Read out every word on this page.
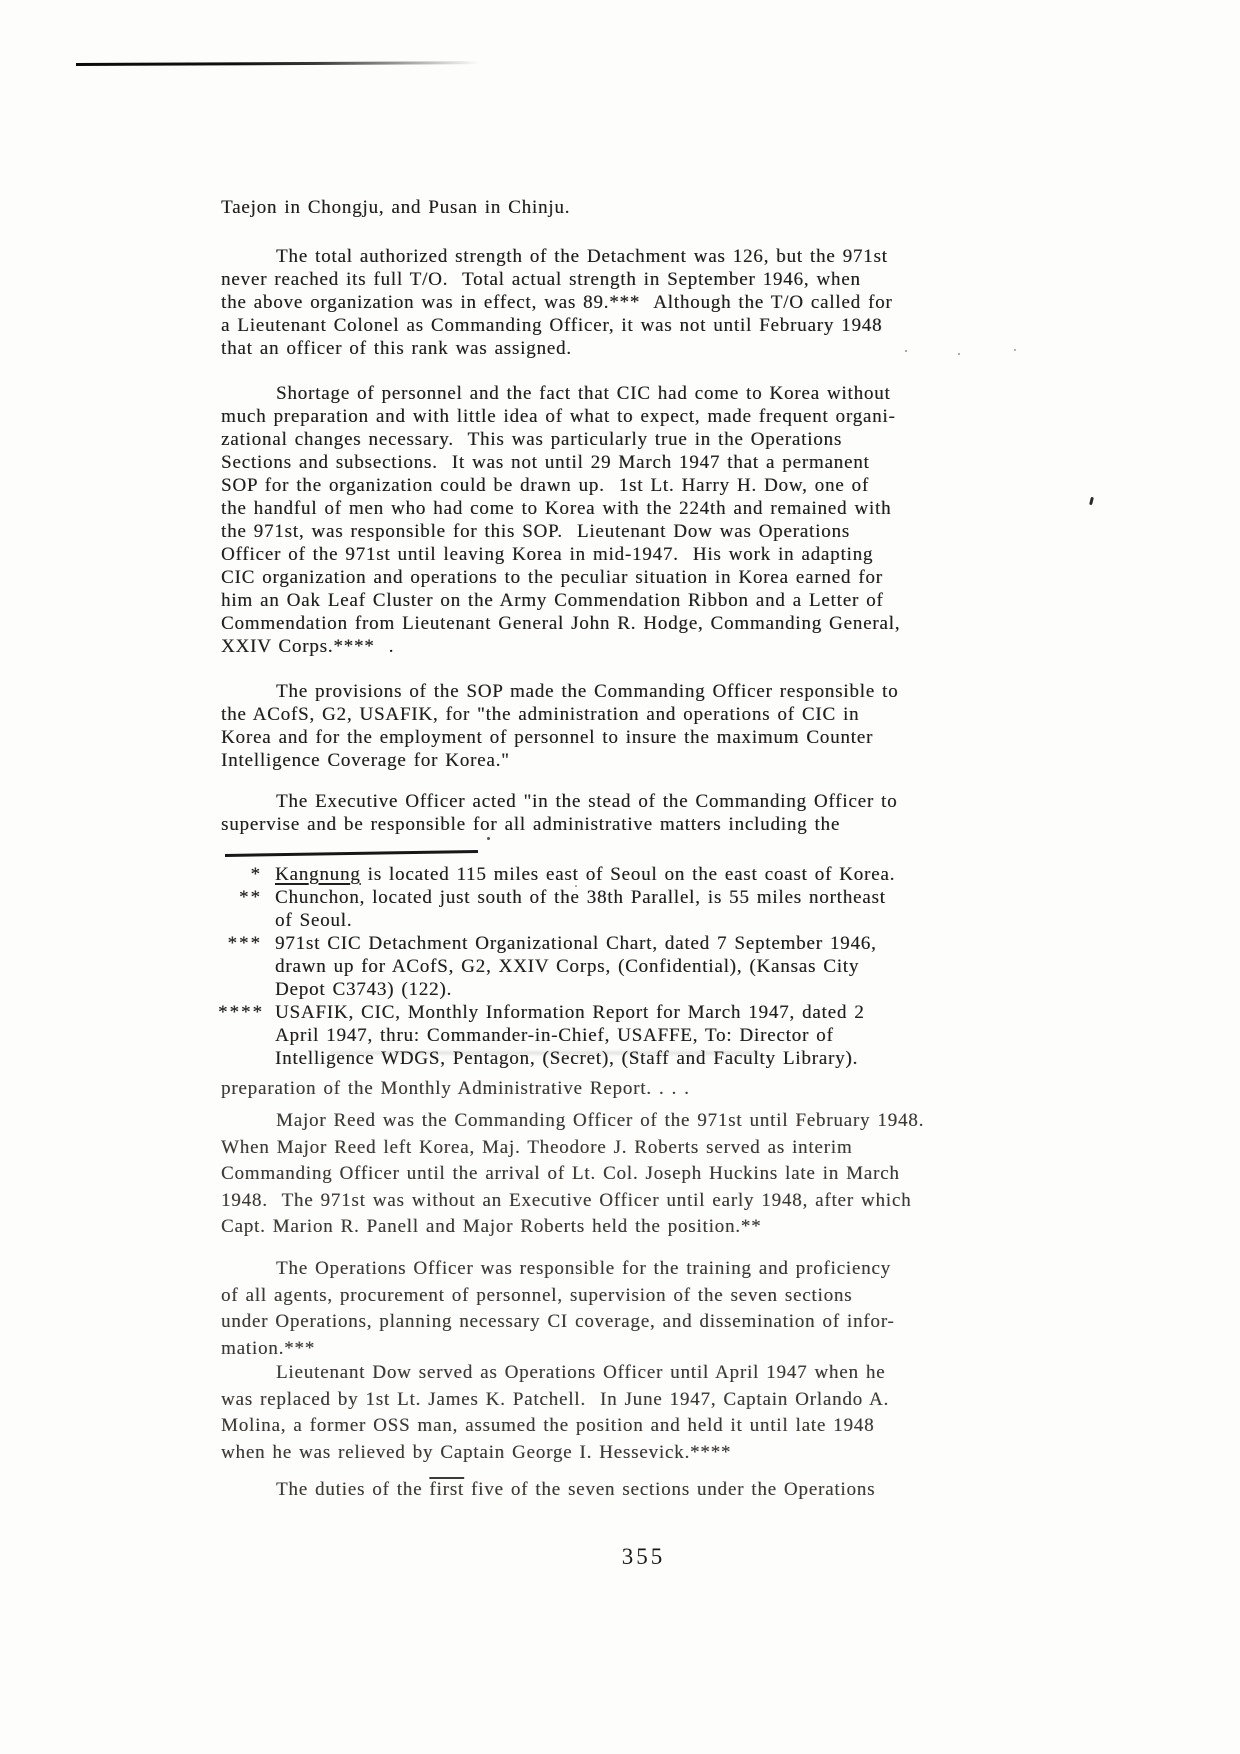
Taejon in Chongju, and Pusan in Chinju.
The total authorized strength of the Detachment was 126, but the 971st
never reached its full T/O.  Total actual strength in September 1946, when
the above organization was in effect, was 89.***  Although the T/O called for
a Lieutenant Colonel as Commanding Officer, it was not until February 1948
that an officer of this rank was assigned.
Shortage of personnel and the fact that CIC had come to Korea without
much preparation and with little idea of what to expect, made frequent organi-
zational changes necessary.  This was particularly true in the Operations
Sections and subsections.  It was not until 29 March 1947 that a permanent
SOP for the organization could be drawn up.  1st Lt. Harry H. Dow, one of
the handful of men who had come to Korea with the 224th and remained with
the 971st, was responsible for this SOP.  Lieutenant Dow was Operations
Officer of the 971st until leaving Korea in mid-1947.  His work in adapting
CIC organization and operations to the peculiar situation in Korea earned for
him an Oak Leaf Cluster on the Army Commendation Ribbon and a Letter of
Commendation from Lieutenant General John R. Hodge, Commanding General,
XXIV Corps.****  .
The provisions of the SOP made the Commanding Officer responsible to
the ACofS, G2, USAFIK, for "the administration and operations of CIC in
Korea and for the employment of personnel to insure the maximum Counter
Intelligence Coverage for Korea."
The Executive Officer acted "in the stead of the Commanding Officer to
supervise and be responsible for all administrative matters including the
* Kangnung is located 115 miles east of Seoul on the east coast of Korea.
** Chunchon, located just south of the 38th Parallel, is 55 miles northeast
of Seoul.
*** 971st CIC Detachment Organizational Chart, dated 7 September 1946,
drawn up for ACofS, G2, XXIV Corps, (Confidential), (Kansas City
Depot C3743) (122).
**** USAFIK, CIC, Monthly Information Report for March 1947, dated 2
April 1947, thru: Commander-in-Chief, USAFFE, To: Director of
Intelligence WDGS, Pentagon, (Secret), (Staff and Faculty Library).
preparation of the Monthly Administrative Report. . . .
Major Reed was the Commanding Officer of the 971st until February 1948.
When Major Reed left Korea, Maj. Theodore J. Roberts served as interim
Commanding Officer until the arrival of Lt. Col. Joseph Huckins late in March
1948.  The 971st was without an Executive Officer until early 1948, after which
Capt. Marion R. Panell and Major Roberts held the position.**
The Operations Officer was responsible for the training and proficiency
of all agents, procurement of personnel, supervision of the seven sections
under Operations, planning necessary CI coverage, and dissemination of infor-
mation.***
Lieutenant Dow served as Operations Officer until April 1947 when he
was replaced by 1st Lt. James K. Patchell.  In June 1947, Captain Orlando A.
Molina, a former OSS man, assumed the position and held it until late 1948
when he was relieved by Captain George I. Hessevick.****
The duties of the first five of the seven sections under the Operations
355
